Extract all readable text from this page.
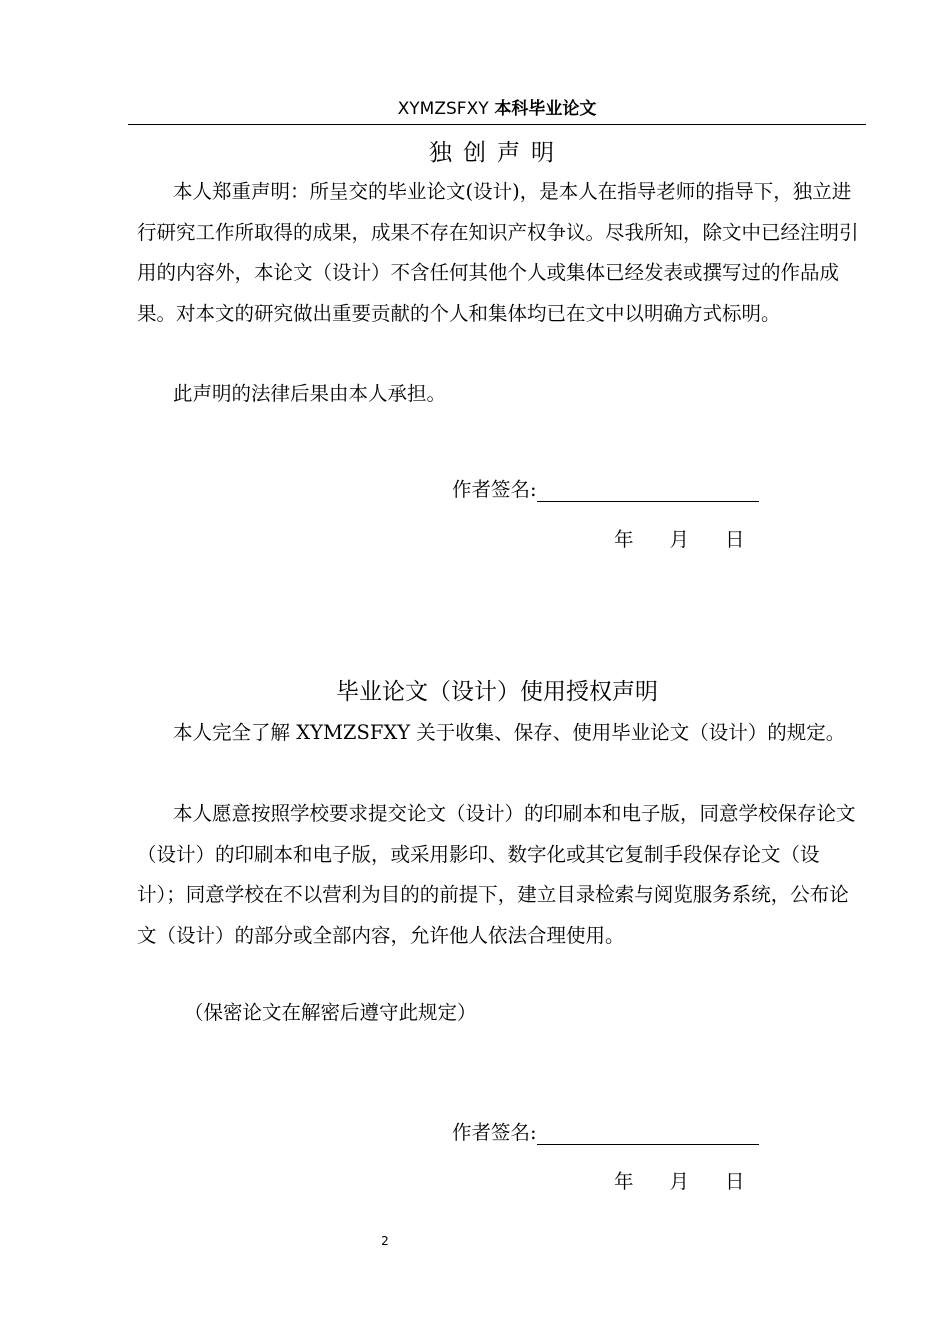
XYMZSFXY 本科毕业论文
独创声明

本人郑重声明：所呈交的毕业论文(设计)，是本人在指导老师的指导下，独立进行研究工作所取得的成果，成果不存在知识产权争议。尽我所知，除文中已经注明引用的内容外，本论文（设计）不含任何其他个人或集体已经发表或撰写过的作品成果。对本文的研究做出重要贡献的个人和集体均已在文中以明确方式标明。

此声明的法律后果由本人承担。

作者签名:
年 月 日
毕业论文（设计）使用授权声明

本人完全了解 XYMZSFXY 关于收集、保存、使用毕业论文（设计）的规定。

本人愿意按照学校要求提交论文（设计）的印刷本和电子版，同意学校保存论文（设计）的印刷本和电子版，或采用影印、数字化或其它复制手段保存论文（设计）；同意学校在不以营利为目的的前提下，建立目录检索与阅览服务系统，公布论文（设计）的部分或全部内容，允许他人依法合理使用。

（保密论文在解密后遵守此规定）

作者签名:
年 月 日
2
